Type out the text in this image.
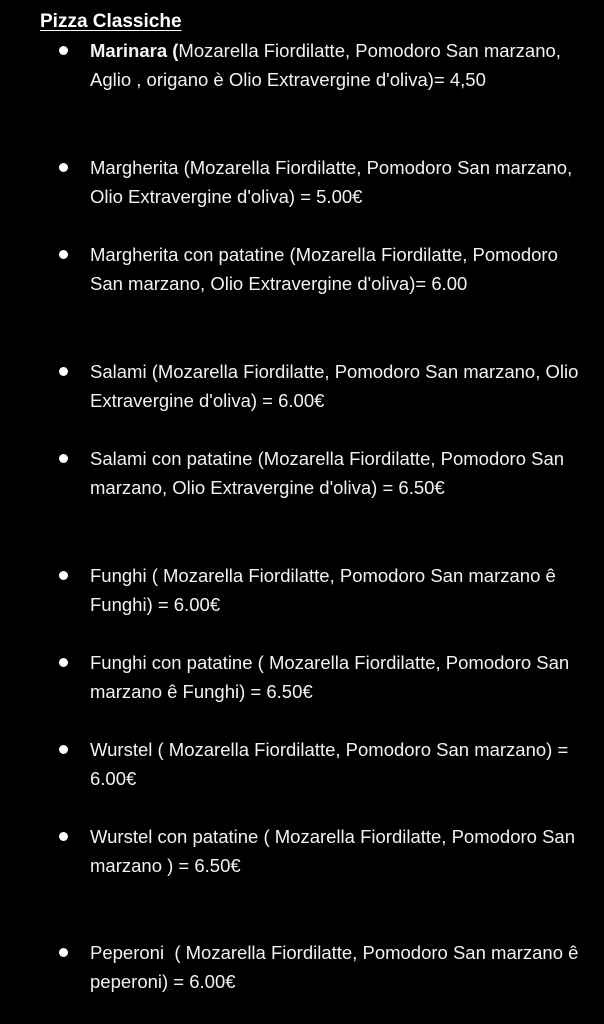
Pizza Classiche
Marinara (Mozarella Fiordilatte, Pomodoro San marzano, Aglio , origano è Olio Extravergine d'oliva)= 4,50
Margherita (Mozarella Fiordilatte, Pomodoro San marzano, Olio Extravergine d'oliva) = 5.00€
Margherita con patatine (Mozarella Fiordilatte, Pomodoro San marzano, Olio Extravergine d'oliva)= 6.00
Salami (Mozarella Fiordilatte, Pomodoro San marzano, Olio Extravergine d'oliva) = 6.00€
Salami con patatine (Mozarella Fiordilatte, Pomodoro San marzano, Olio Extravergine d'oliva) = 6.50€
Funghi ( Mozarella Fiordilatte, Pomodoro San marzano ê Funghi) = 6.00€
Funghi con patatine ( Mozarella Fiordilatte, Pomodoro San marzano ê Funghi) = 6.50€
Wurstel ( Mozarella Fiordilatte, Pomodoro San marzano) = 6.00€
Wurstel con patatine ( Mozarella Fiordilatte, Pomodoro San marzano ) = 6.50€
Peperoni  ( Mozarella Fiordilatte, Pomodoro San marzano ê peperoni) = 6.00€
